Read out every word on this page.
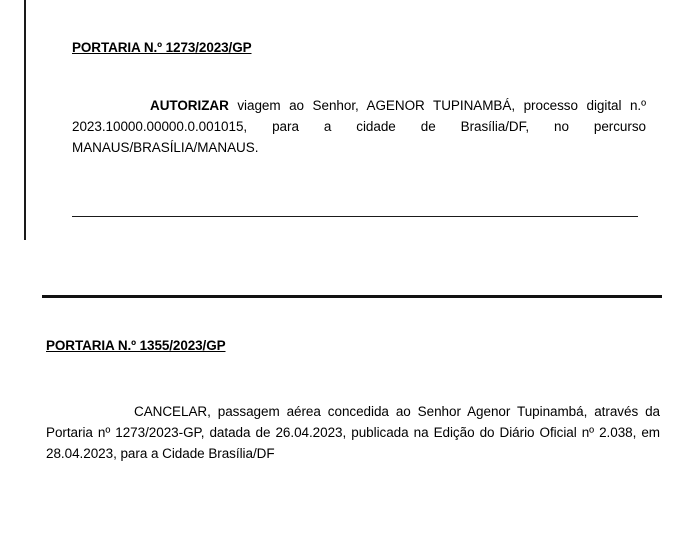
PORTARIA N.º 1273/2023/GP
AUTORIZAR viagem ao Senhor, AGENOR TUPINAMBÁ, processo digital n.º 2023.10000.00000.0.001015, para a cidade de Brasília/DF, no percurso MANAUS/BRASÍLIA/MANAUS.
PORTARIA N.º 1355/2023/GP
CANCELAR, passagem aérea concedida ao Senhor Agenor Tupinambá, através da Portaria nº 1273/2023-GP, datada de 26.04.2023, publicada na Edição do Diário Oficial nº 2.038, em 28.04.2023, para a Cidade Brasília/DF
